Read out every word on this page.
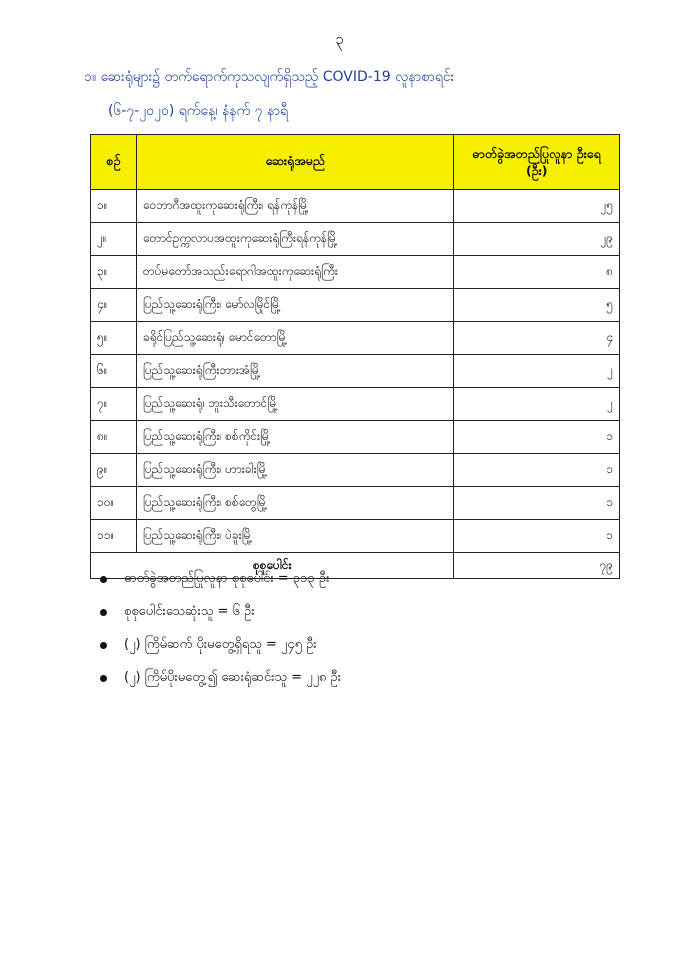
၃
၁။ ဆေးရုံများ၌ တက်ရောက်ကုသလျက်ရှိသည့် COVID-19 လူနာစာရင်း
(၆-၇-၂၀၂၀) ရက်နေ့၊ နံနက် ၇ နာရီ
စဉ်	ဆေးရုံအမည်	ဓာတ်ခွဲအတည်ပြုလူနာ ဦးရေ (ဦး)
၁။	ဝေဘာဂီအထူးကုဆေးရုံကြီး၊ ရန်ကုန်မြို့	၂၅
၂။	တောင်ဥက္ကလာပအထူးကုဆေးရုံကြီးရန်ကုန်မြို့	၂၉
၃။	တပ်မတော်အသည်းရောဂါအထူးကုဆေးရုံကြီး	၈
၄။	ပြည်သူ့ဆေးရုံကြီး၊ မော်လမြိုင်မြို့	၅
၅။	ခရိုင်ပြည်သူ့ဆေးရုံ၊ မောင်တောမြို့	၄
၆။	ပြည်သူ့ဆေးရုံကြီးဘားအံမြို့	၂
၇။	ပြည်သူ့ဆေးရုံ၊ ဘူးသီးတောင်မြို့	၂
၈။	ပြည်သူ့ဆေးရုံကြီး၊ စစ်ကိုင်းမြို့	၁
၉။	ပြည်သူ့ဆေးရုံကြီး၊ ဟားခါးမြို့	၁
၁၀။	ပြည်သူ့ဆေးရုံကြီး၊ စစ်တွေမြို့	၁
၁၁။	ပြည်သူ့ဆေးရုံကြီး၊ ပဲခူးမြို့	၁
စုစုပေါင်း		၇၉
ဓာတ်ခွဲအတည်ပြုလူနာ စုစုပေါင်း = ၃၁၃ ဦး
စုစုပေါင်းသေဆုံးသူ = ၆ ဦး
(၂) ကြိမ်ဆက် ပိုးမတွေ့ရှိရသူ = ၂၄၅ ဦး
(၂) ကြိမ်ပိုးမတွေ့၍ ဆေးရုံဆင်းသူ = ၂၂၈ ဦး
